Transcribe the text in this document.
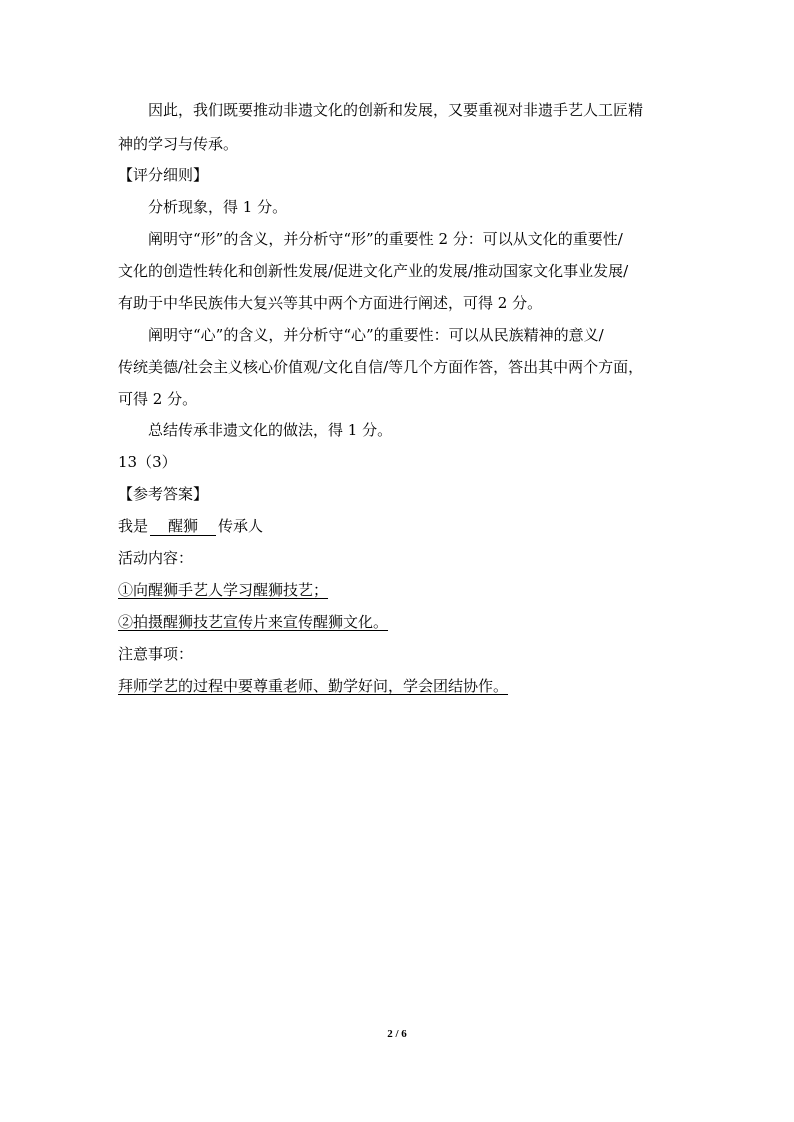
因此，我们既要推动非遗文化的创新和发展，又要重视对非遗手艺人工匠精
神的学习与传承。
【评分细则】
分析现象，得 1 分。
阐明守“形”的含义，并分析守“形”的重要性 2 分：可以从文化的重要性/
文化的创造性转化和创新性发展/促进文化产业的发展/推动国家文化事业发展/
有助于中华民族伟大复兴等其中两个方面进行阐述，可得 2 分。
阐明守“心”的含义，并分析守“心”的重要性：可以从民族精神的意义/
传统美德/社会主义核心价值观/文化自信/等几个方面作答，答出其中两个方面，
可得 2 分。
总结传承非遗文化的做法，得 1 分。
13（3）
【参考答案】
我是 醒狮 传承人
活动内容：
①向醒狮手艺人学习醒狮技艺；
②拍摄醒狮技艺宣传片来宣传醒狮文化。
注意事项：
拜师学艺的过程中要尊重老师、勤学好问，学会团结协作。
2 / 6
